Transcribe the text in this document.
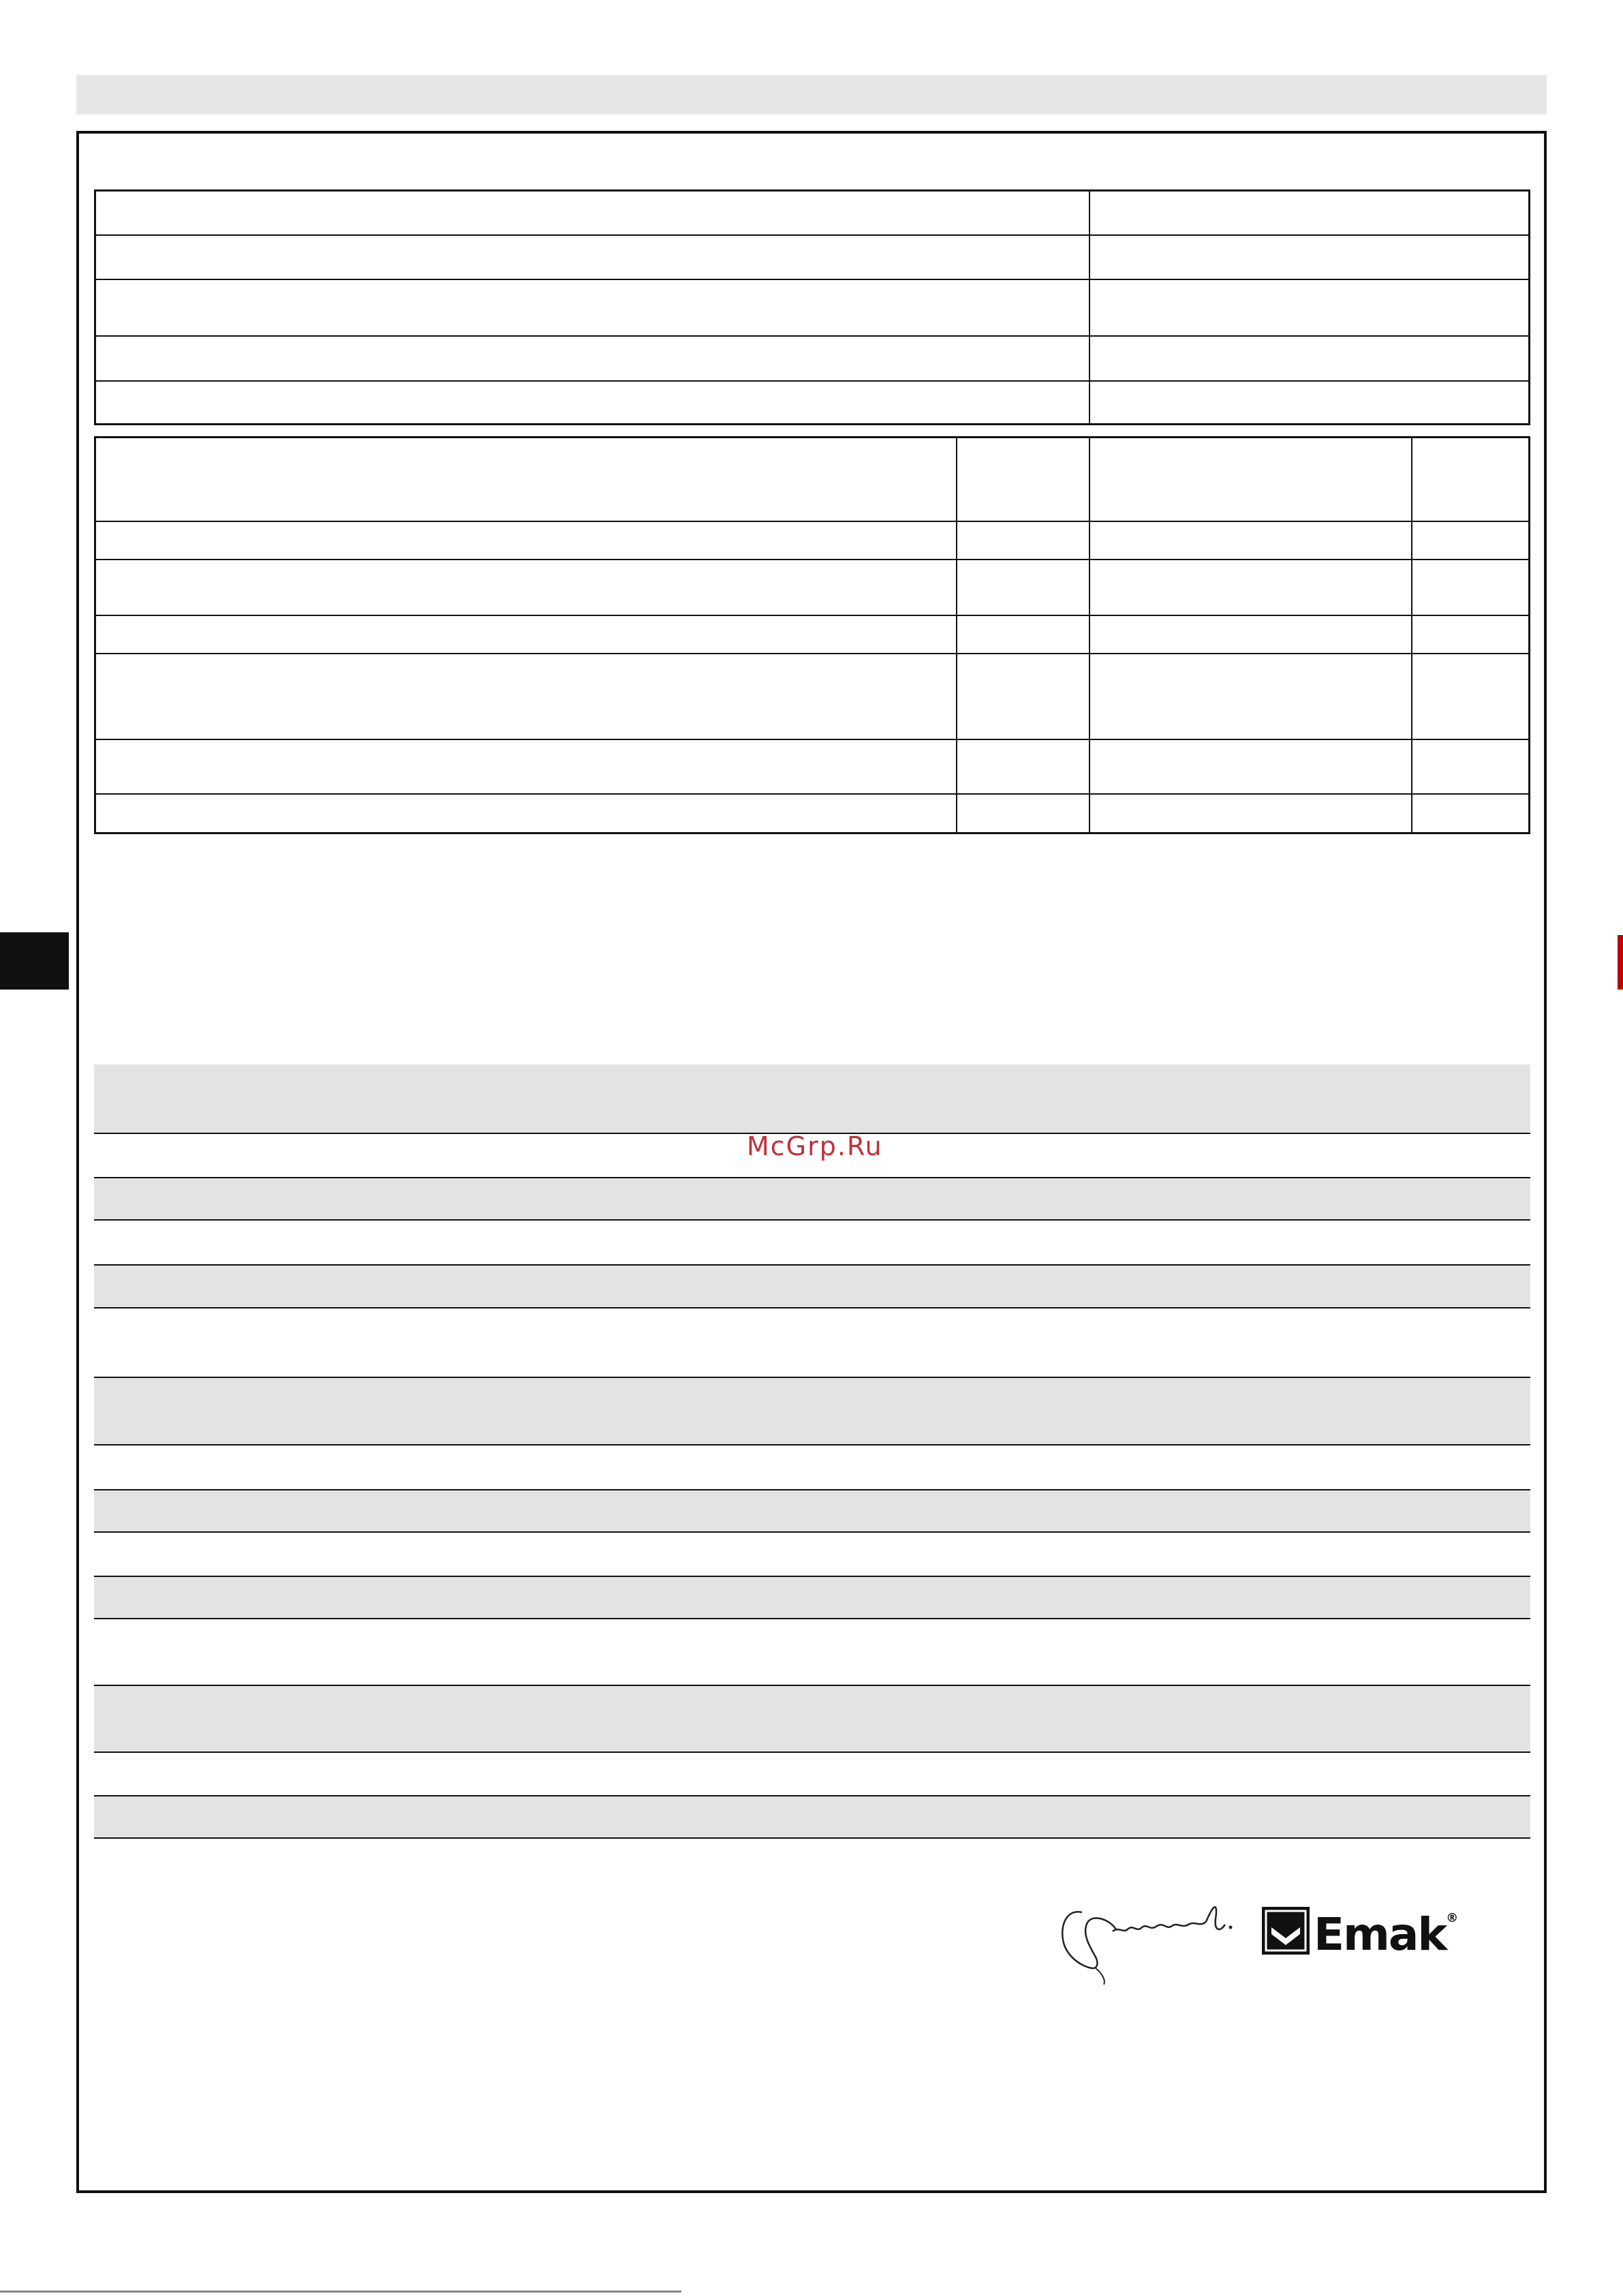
McGrp.Ru
Emak®
